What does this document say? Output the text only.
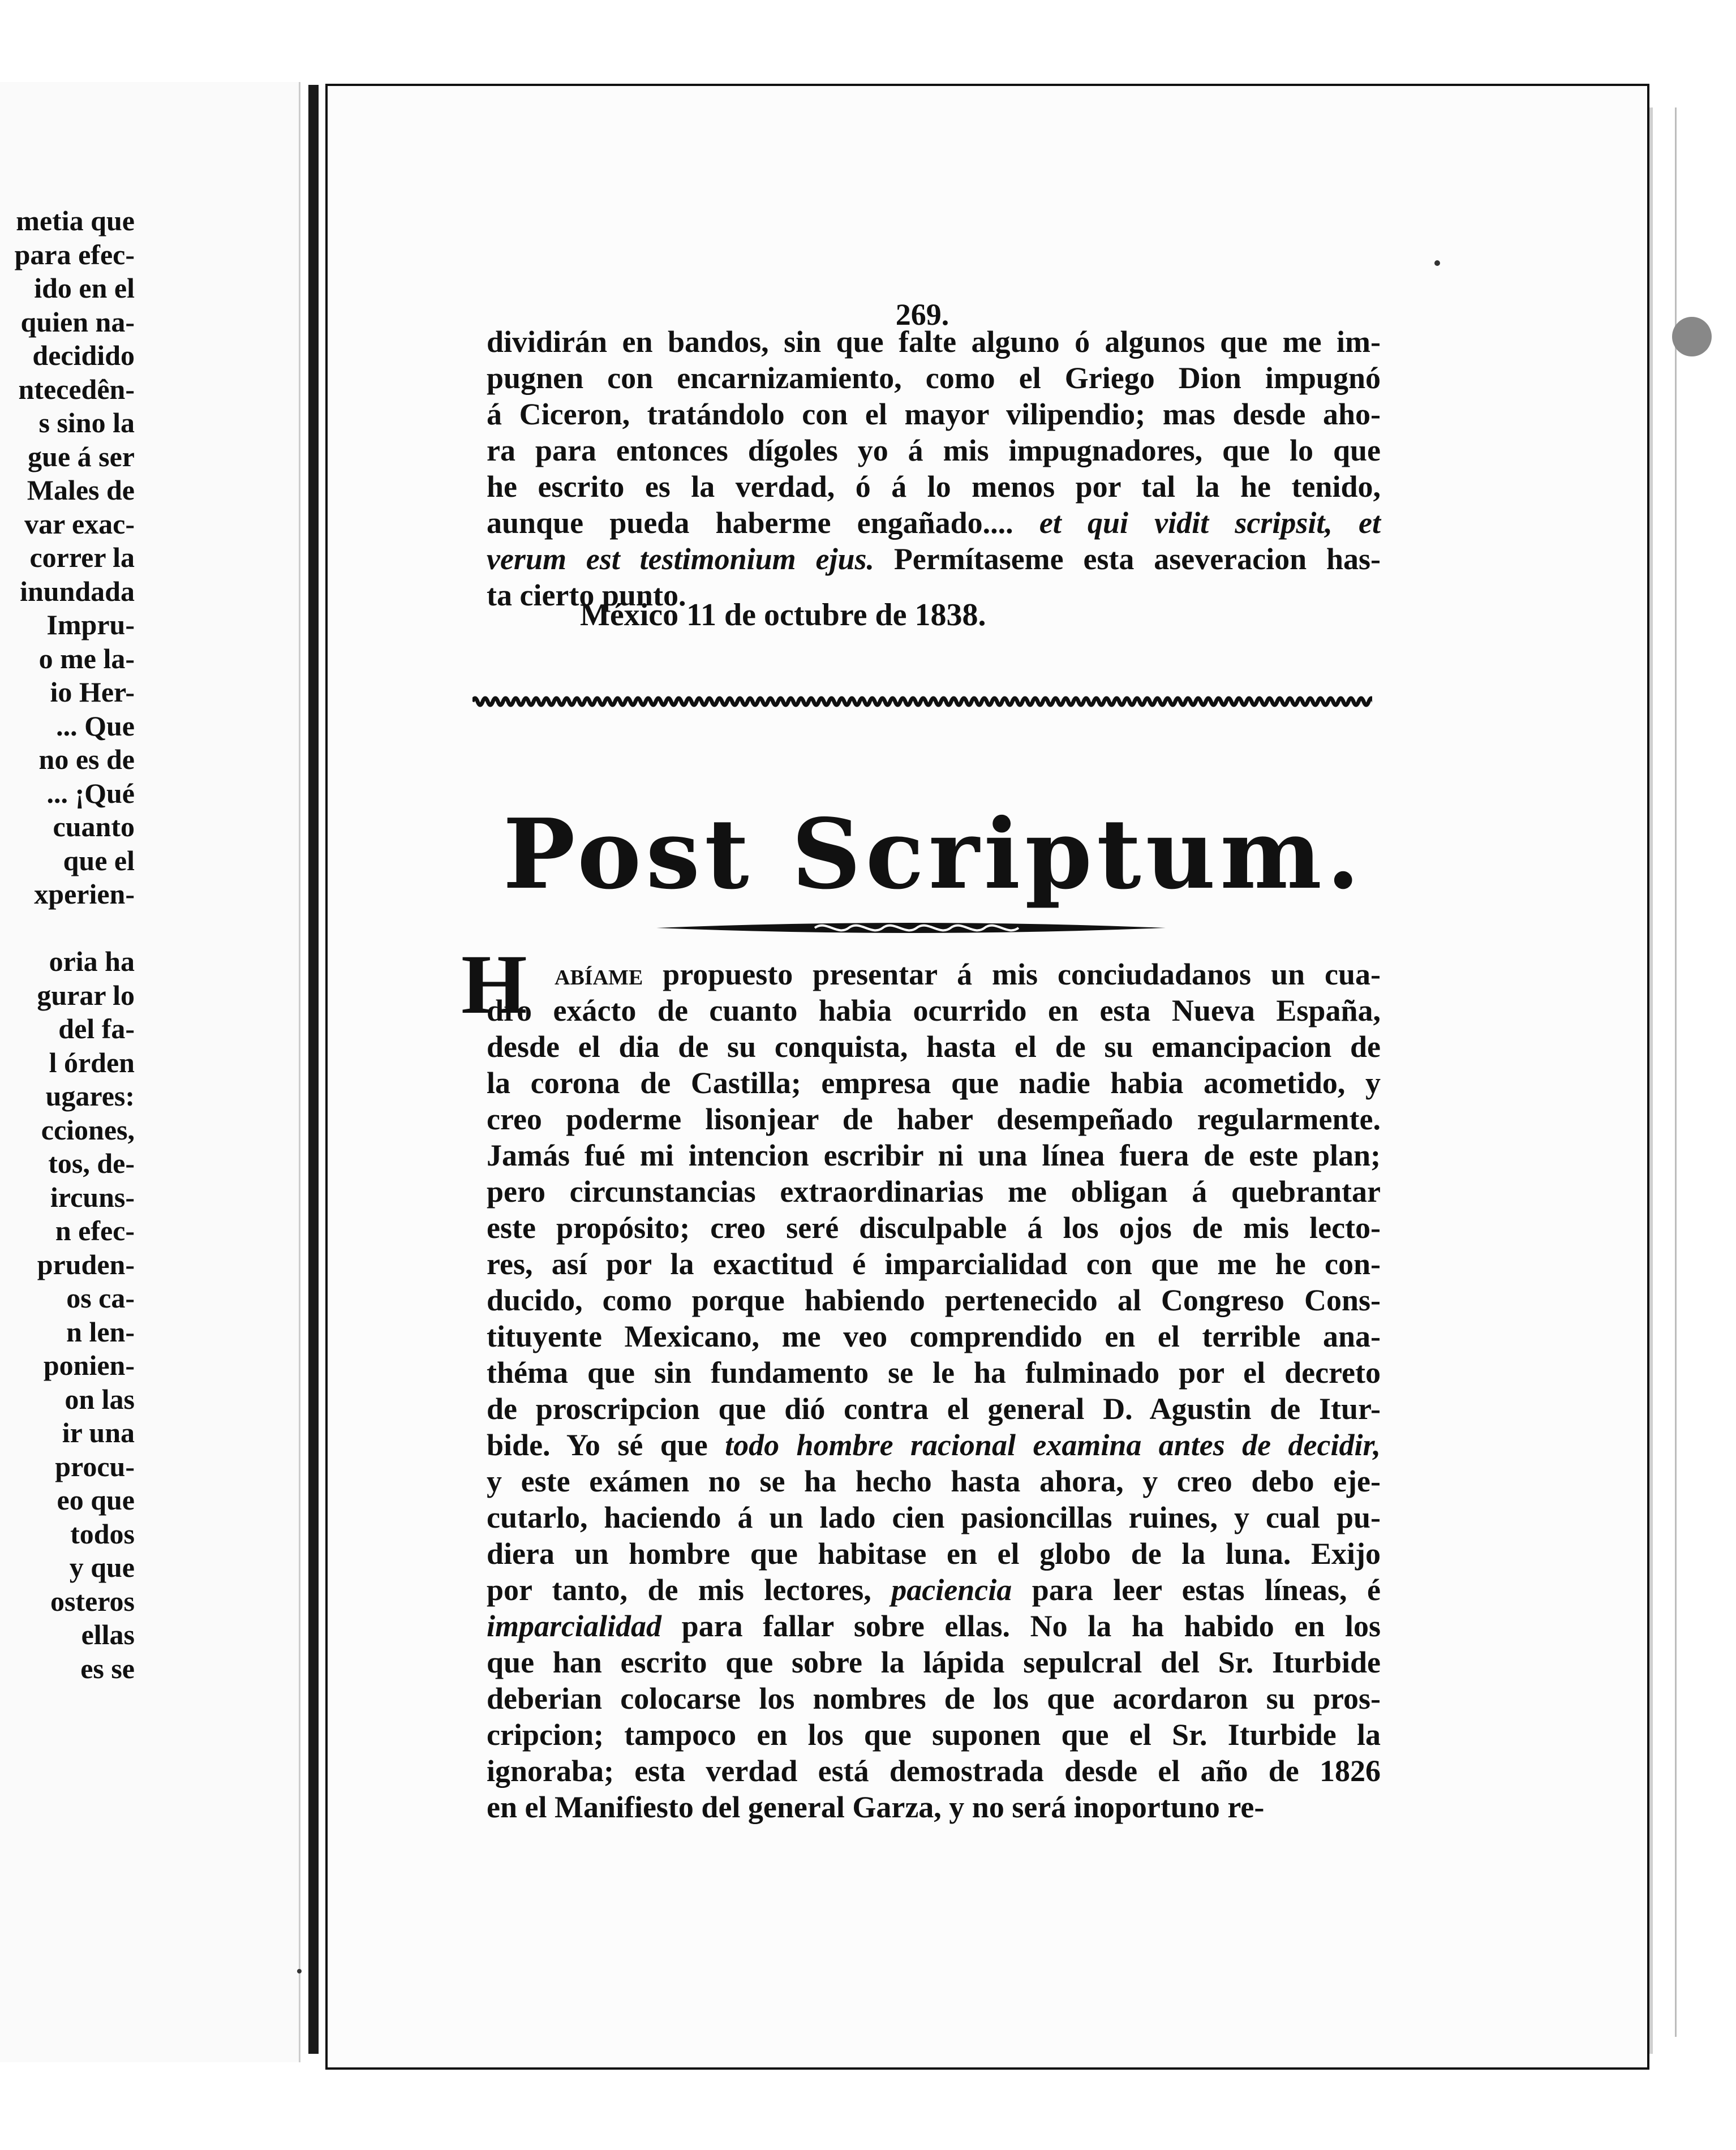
metia que
para efec-
ido en el
quien na-
decidido
ntecedên-
s sino la
gue á ser
Males de
var exac-
correr la
inundada
Impru-
o me la-
io Her-
... Que
no es de
... ¡Qué
cuanto
que el
xperien-
oria ha
gurar lo
del fa-
l órden
ugares:
cciones,
tos, de-
ircuns-
n efec-
pruden-
os ca-
n len-
ponien-
on las
ir una
procu-
eo que
todos
y que
osteros
ellas
es se
269.
dividirán en bandos, sin que falte alguno ó algunos que me im-
pugnen con encarnizamiento, como el Griego Dion impugnó
á Ciceron, tratándolo con el mayor vilipendio; mas desde aho-
ra para entonces dígoles yo á mis impugnadores, que lo que
he escrito es la verdad, ó á lo menos por tal la he tenido,
aunque pueda haberme engañado.... et qui vidit scripsit, et
verum est testimonium ejus. Permítaseme esta aseveracion has-
ta cierto punto.
México 11 de octubre de 1838.
Post Scriptum.
H abíame propuesto presentar á mis conciudadanos un cua-
dro exácto de cuanto habia ocurrido en esta Nueva España,
desde el dia de su conquista, hasta el de su emancipacion de
la corona de Castilla; empresa que nadie habia acometido, y
creo poderme lisonjear de haber desempeñado regularmente.
Jamás fué mi intencion escribir ni una línea fuera de este plan;
pero circunstancias extraordinarias me obligan á quebrantar
este propósito; creo seré disculpable á los ojos de mis lecto-
res, así por la exactitud é imparcialidad con que me he con-
ducido, como porque habiendo pertenecido al Congreso Cons-
tituyente Mexicano, me veo comprendido en el terrible ana-
théma que sin fundamento se le ha fulminado por el decreto
de proscripcion que dió contra el general D. Agustin de Itur-
bide. Yo sé que todo hombre racional examina antes de decidir,
y este exámen no se ha hecho hasta ahora, y creo debo eje-
cutarlo, haciendo á un lado cien pasioncillas ruines, y cual pu-
diera un hombre que habitase en el globo de la luna. Exijo
por tanto, de mis lectores, paciencia para leer estas líneas, é
imparcialidad para fallar sobre ellas. No la ha habido en los
que han escrito que sobre la lápida sepulcral del Sr. Iturbide
deberian colocarse los nombres de los que acordaron su pros-
cripcion; tampoco en los que suponen que el Sr. Iturbide la
ignoraba; esta verdad está demostrada desde el año de 1826
en el Manifiesto del general Garza, y no será inoportuno re-
